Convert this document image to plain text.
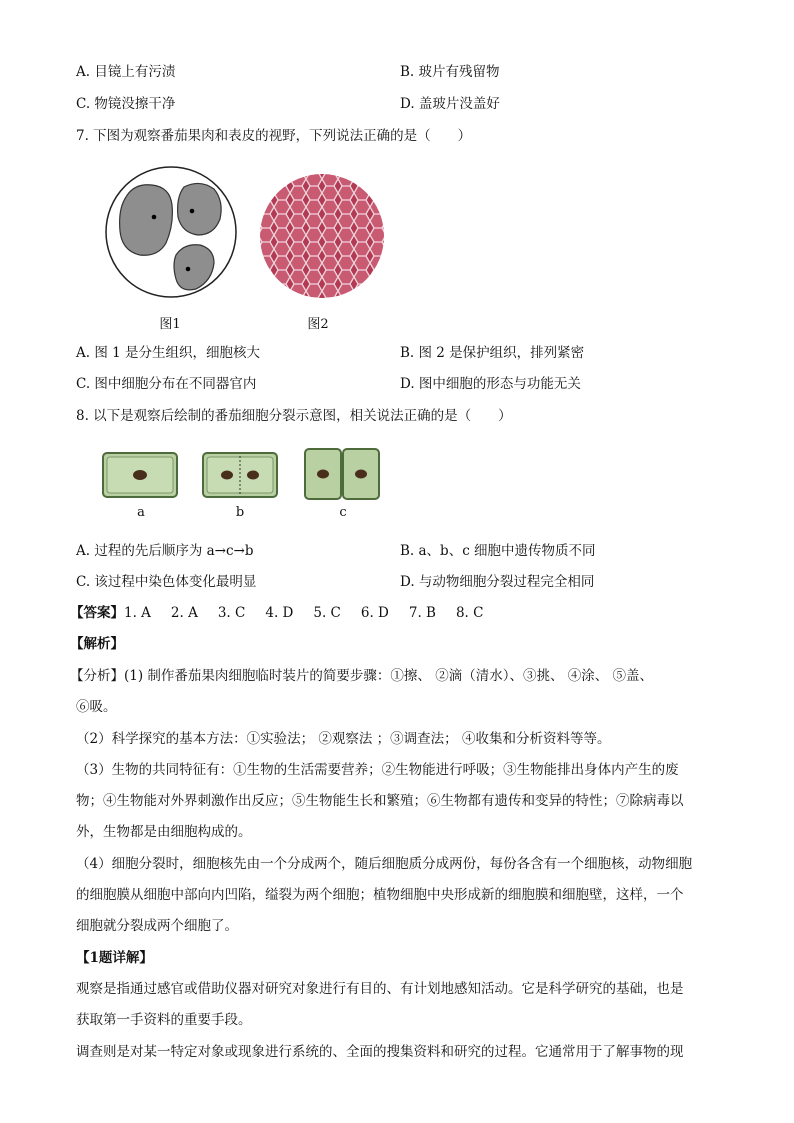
A. 目镜上有污渍	B. 玻片有残留物
C. 物镜没擦干净	D. 盖玻片没盖好
7. 下图为观察番茄果肉和表皮的视野，下列说法正确的是（　　）
图1	图2
A. 图 1 是分生组织，细胞核大	B. 图 2 是保护组织，排列紧密
C. 图中细胞分布在不同器官内	D. 图中细胞的形态与功能无关
8. 以下是观察后绘制的番茄细胞分裂示意图，相关说法正确的是（　　）
a	b	c
A. 过程的先后顺序为 a→c→b	B. a、b、c 细胞中遗传物质不同
C. 该过程中染色体变化最明显	D. 与动物细胞分裂过程完全相同
【答案】1. A 2. A 3. C 4. D 5. C 6. D 7. B 8. C
【解析】
【分析】(1) 制作番茄果肉细胞临时装片的简要步骤：①擦、 ②滴（清水）、③挑、 ④涂、 ⑤盖、
⑥吸。
（2）科学探究的基本方法：①实验法； ②观察法 ；③调查法； ④收集和分析资料等等。
（3）生物的共同特征有：①生物的生活需要营养；②生物能进行呼吸；③生物能排出身体内产生的废
物；④生物能对外界刺激作出反应；⑤生物能生长和繁殖；⑥生物都有遗传和变异的特性；⑦除病毒以
外，生物都是由细胞构成的。
（4）细胞分裂时，细胞核先由一个分成两个，随后细胞质分成两份，每份各含有一个细胞核，动物细胞
的细胞膜从细胞中部向内凹陷，缢裂为两个细胞；植物细胞中央形成新的细胞膜和细胞壁，这样，一个
细胞就分裂成两个细胞了。
【1题详解】
观察是指通过感官或借助仪器对研究对象进行有目的、有计划地感知活动。它是科学研究的基础，也是
获取第一手资料的重要手段。
调查则是对某一特定对象或现象进行系统的、全面的搜集资料和研究的过程。它通常用于了解事物的现
